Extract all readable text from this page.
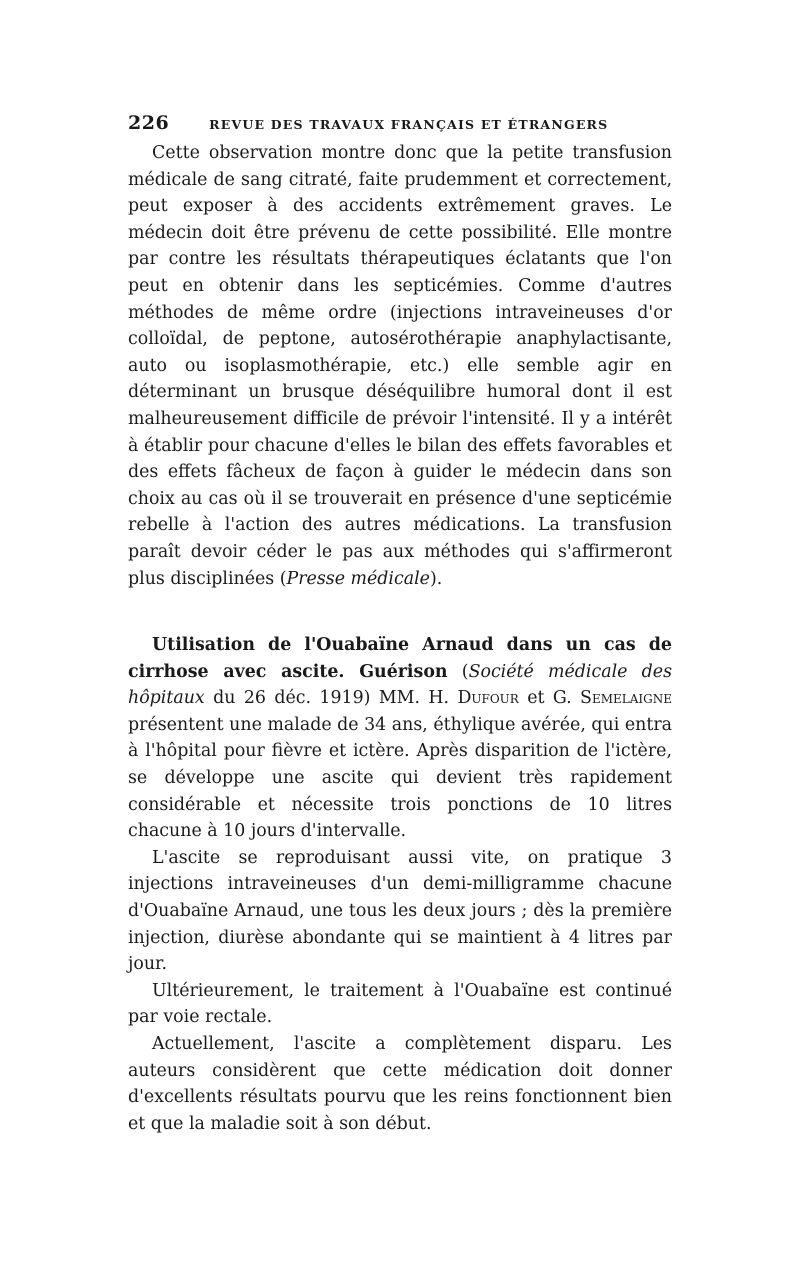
226	REVUE DES TRAVAUX FRANÇAIS ET ÉTRANGERS

Cette observation montre donc que la petite transfusion médicale de sang citraté, faite prudemment et correctement, peut exposer à des accidents extrêmement graves. Le médecin doit être prévenu de cette possibilité. Elle montre par contre les résultats thérapeutiques éclatants que l'on peut en obtenir dans les septicémies. Comme d'autres méthodes de même ordre (injections intraveineuses d'or colloïdal, de peptone, autosérothérapie anaphylactisante, auto ou isoplasmothérapie, etc.) elle semble agir en déterminant un brusque déséquilibre humoral dont il est malheureusement difficile de prévoir l'intensité. Il y a intérêt à établir pour chacune d'elles le bilan des effets favorables et des effets fâcheux de façon à guider le médecin dans son choix au cas où il se trouverait en présence d'une septicémie rebelle à l'action des autres médications. La transfusion paraît devoir céder le pas aux méthodes qui s'affirmeront plus disciplinées (Presse médicale).

Utilisation de l'Ouabaïne Arnaud dans un cas de cirrhose avec ascite. Guérison (Société médicale des hôpitaux du 26 déc. 1919) MM. H. Dufour et G. Semelaigne présentent une malade de 34 ans, éthylique avérée, qui entra à l'hôpital pour fièvre et ictère. Après disparition de l'ictère, se développe une ascite qui devient très rapidement considérable et nécessite trois ponctions de 10 litres chacune à 10 jours d'intervalle.

L'ascite se reproduisant aussi vite, on pratique 3 injections intraveineuses d'un demi-milligramme chacune d'Ouabaïne Arnaud, une tous les deux jours ; dès la première injection, diurèse abondante qui se maintient à 4 litres par jour.

Ultérieurement, le traitement à l'Ouabaïne est continué par voie rectale.

Actuellement, l'ascite a complètement disparu. Les auteurs considèrent que cette médication doit donner d'excellents résultats pourvu que les reins fonctionnent bien et que la maladie soit à son début.
